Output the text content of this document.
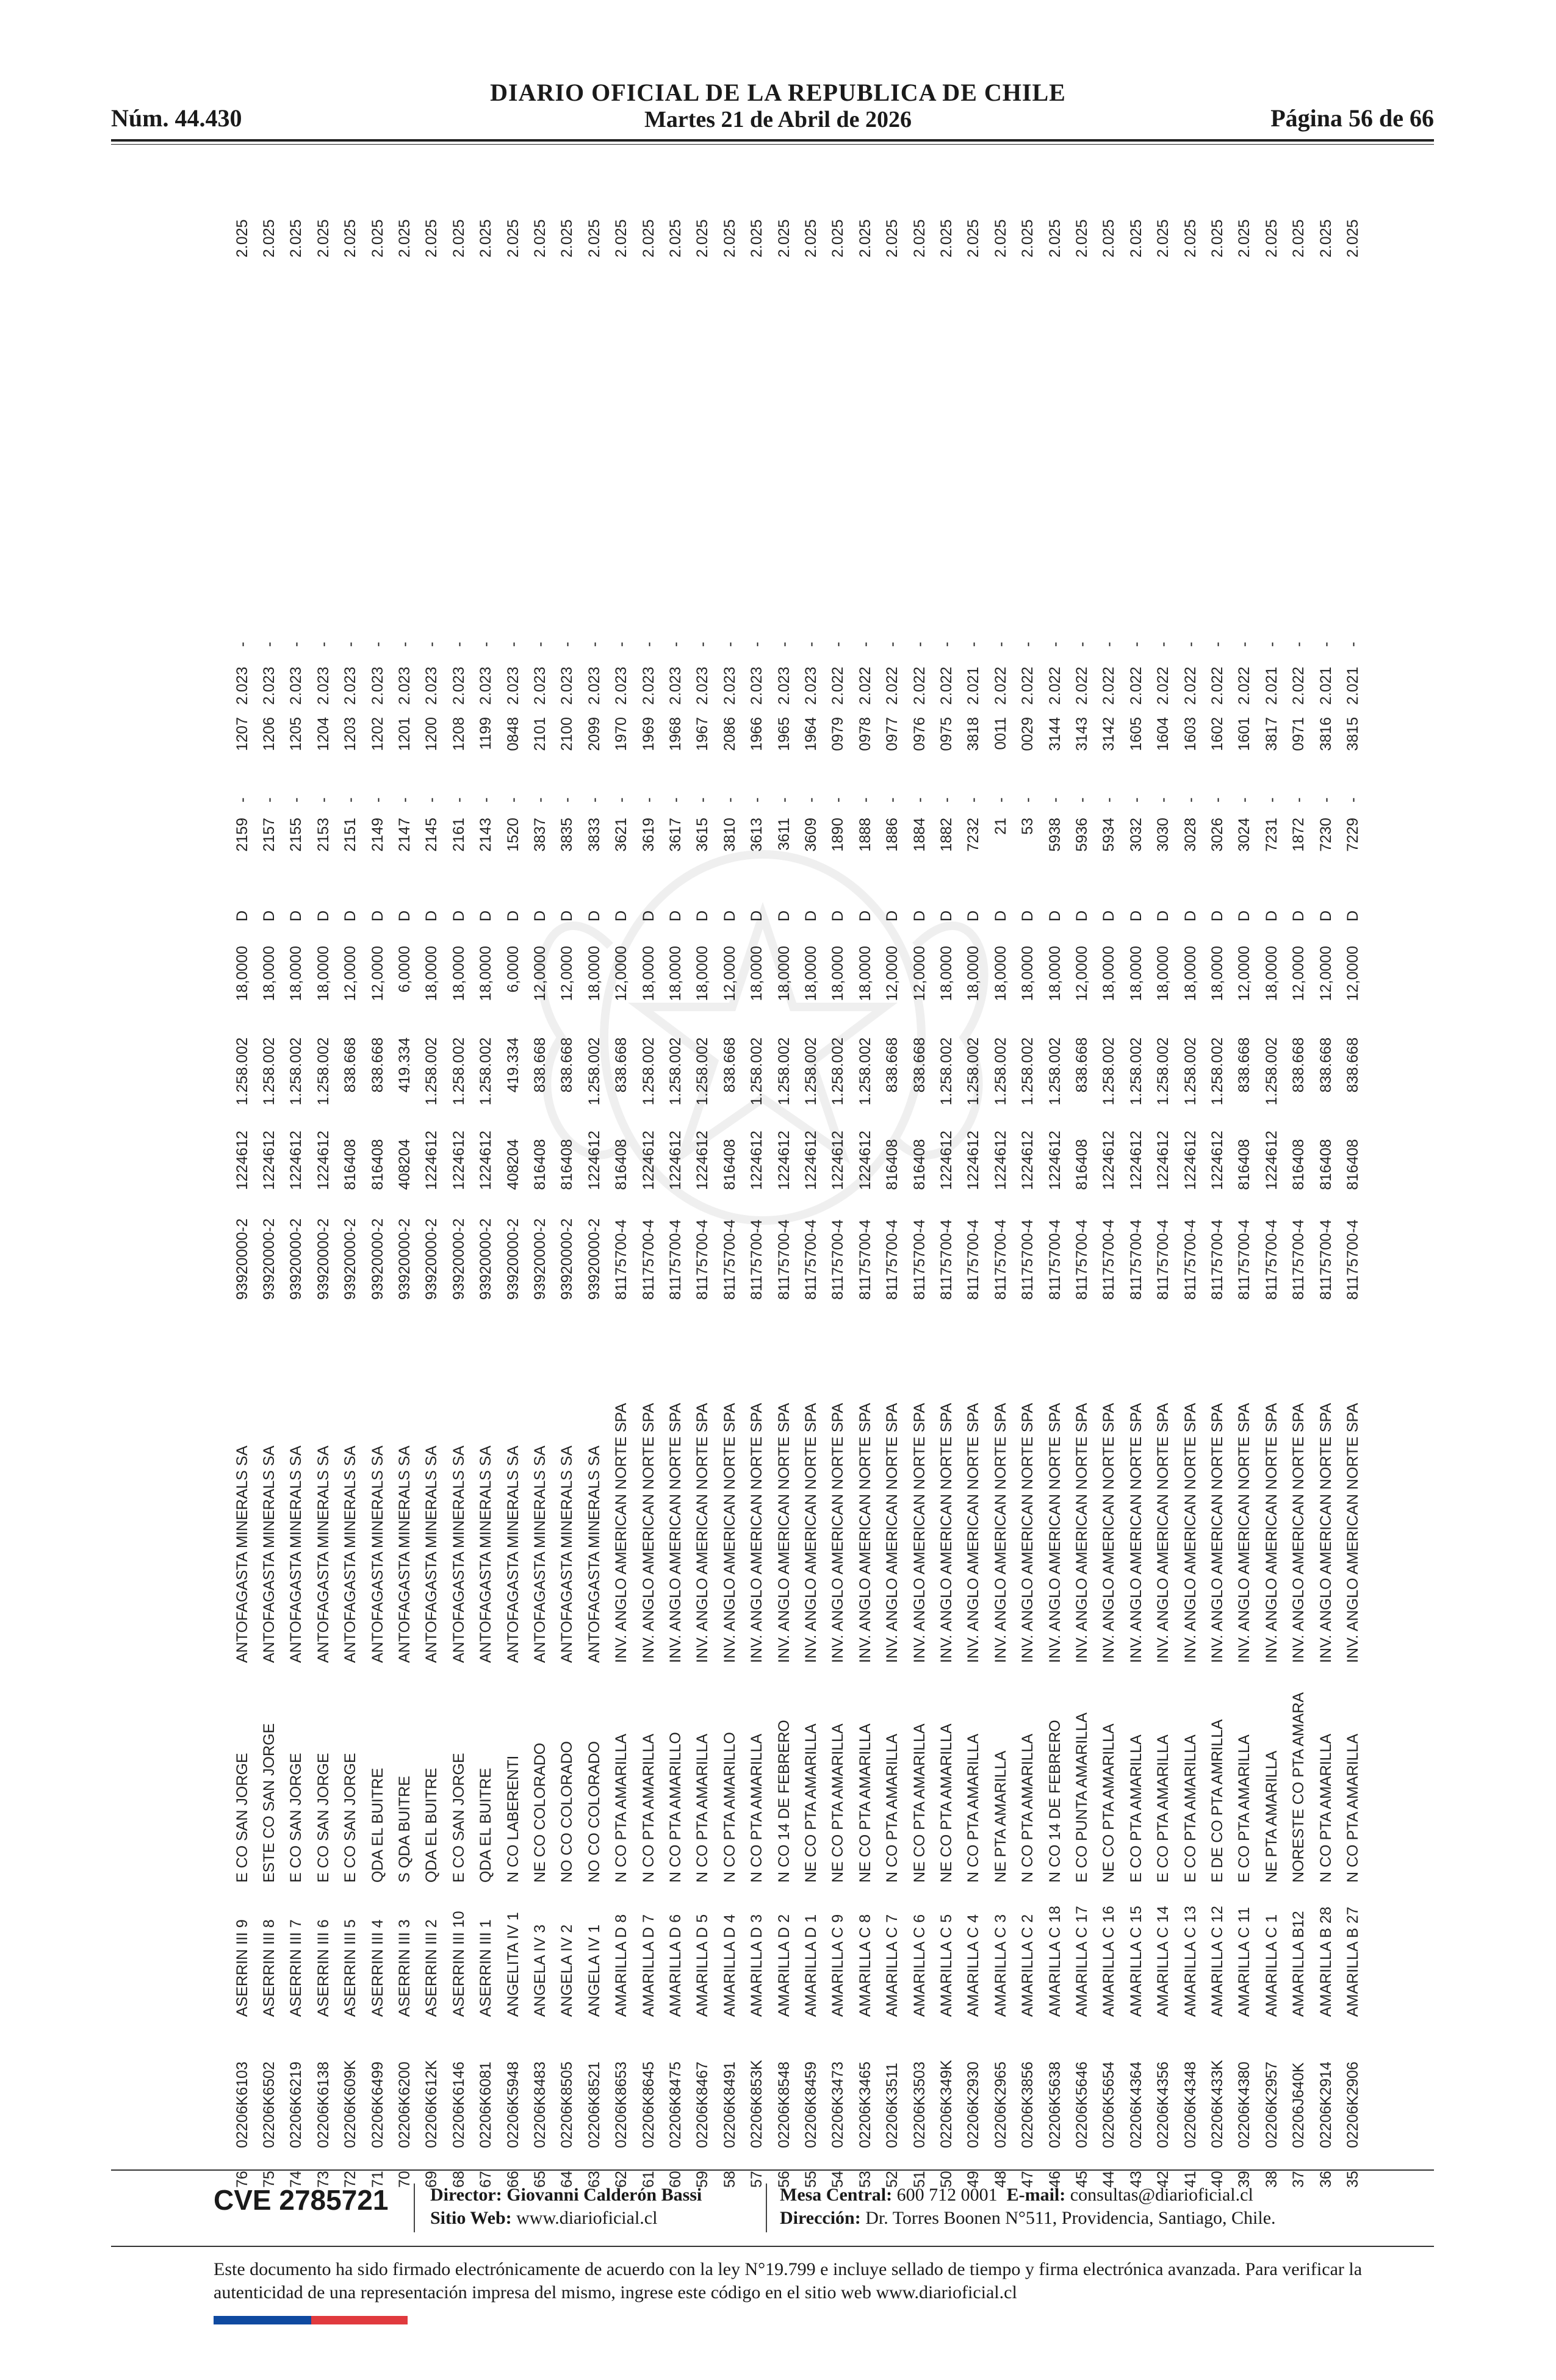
Núm. 44.430
DIARIO OFICIAL DE LA REPUBLICA DE CHILE
Martes 21 de Abril de 2026	Página 56 de 66
35
02206K2906
AMARILLA B 27
N CO PTA AMARILLA
INV. ANGLO AMERICAN NORTE SPA
81175700-4
816408
838.668
12,0000
D
7229
-
3815
2.021
-
2.025
36
02206K2914
AMARILLA B 28
N CO PTA AMARILLA
INV. ANGLO AMERICAN NORTE SPA
81175700-4
816408
838.668
12,0000
D
7230
-
3816
2.021
-
2.025
37
02206J640K
AMARILLA B12
NORESTE CO PTA AMARA
INV. ANGLO AMERICAN NORTE SPA
81175700-4
816408
838.668
12,0000
D
1872
-
0971
2.022
-
2.025
38
02206K2957
AMARILLA C 1
NE PTA AMARILLA
INV. ANGLO AMERICAN NORTE SPA
81175700-4
1224612
1.258.002
18,0000
D
7231
-
3817
2.021
-
2.025
39
02206K4380
AMARILLA C 11
E CO PTA AMARILLA
INV. ANGLO AMERICAN NORTE SPA
81175700-4
816408
838.668
12,0000
D
3024
-
1601
2.022
-
2.025
40
02206K433K
AMARILLA C 12
E DE CO PTA AMRILLA
INV. ANGLO AMERICAN NORTE SPA
81175700-4
1224612
1.258.002
18,0000
D
3026
-
1602
2.022
-
2.025
41
02206K4348
AMARILLA C 13
E CO PTA AMARILLA
INV. ANGLO AMERICAN NORTE SPA
81175700-4
1224612
1.258.002
18,0000
D
3028
-
1603
2.022
-
2.025
42
02206K4356
AMARILLA C 14
E CO PTA AMARILLA
INV. ANGLO AMERICAN NORTE SPA
81175700-4
1224612
1.258.002
18,0000
D
3030
-
1604
2.022
-
2.025
43
02206K4364
AMARILLA C 15
E CO PTA AMARILLA
INV. ANGLO AMERICAN NORTE SPA
81175700-4
1224612
1.258.002
18,0000
D
3032
-
1605
2.022
-
2.025
44
02206K5654
AMARILLA C 16
NE CO PTA AMARILLA
INV. ANGLO AMERICAN NORTE SPA
81175700-4
1224612
1.258.002
18,0000
D
5934
-
3142
2.022
-
2.025
45
02206K5646
AMARILLA C 17
E CO PUNTA AMARILLA
INV. ANGLO AMERICAN NORTE SPA
81175700-4
816408
838.668
12,0000
D
5936
-
3143
2.022
-
2.025
46
02206K5638
AMARILLA C 18
N CO 14 DE FEBRERO
INV. ANGLO AMERICAN NORTE SPA
81175700-4
1224612
1.258.002
18,0000
D
5938
-
3144
2.022
-
2.025
47
02206K3856
AMARILLA C 2
N CO PTA AMARILLA
INV. ANGLO AMERICAN NORTE SPA
81175700-4
1224612
1.258.002
18,0000
D
53
-
0029
2.022
-
2.025
48
02206K2965
AMARILLA C 3
NE PTA AMARILLA
INV. ANGLO AMERICAN NORTE SPA
81175700-4
1224612
1.258.002
18,0000
D
21
-
0011
2.022
-
2.025
49
02206K2930
AMARILLA C 4
N CO PTA AMARILLA
INV. ANGLO AMERICAN NORTE SPA
81175700-4
1224612
1.258.002
18,0000
D
7232
-
3818
2.021
-
2.025
50
02206K349K
AMARILLA C 5
NE CO PTA AMARILLA
INV. ANGLO AMERICAN NORTE SPA
81175700-4
1224612
1.258.002
18,0000
D
1882
-
0975
2.022
-
2.025
51
02206K3503
AMARILLA C 6
NE CO PTA AMARILLA
INV. ANGLO AMERICAN NORTE SPA
81175700-4
816408
838.668
12,0000
D
1884
-
0976
2.022
-
2.025
52
02206K3511
AMARILLA C 7
N CO PTA AMARILLA
INV. ANGLO AMERICAN NORTE SPA
81175700-4
816408
838.668
12,0000
D
1886
-
0977
2.022
-
2.025
53
02206K3465
AMARILLA C 8
NE CO PTA AMARILLA
INV. ANGLO AMERICAN NORTE SPA
81175700-4
1224612
1.258.002
18,0000
D
1888
-
0978
2.022
-
2.025
54
02206K3473
AMARILLA C 9
NE CO PTA AMARILLA
INV. ANGLO AMERICAN NORTE SPA
81175700-4
1224612
1.258.002
18,0000
D
1890
-
0979
2.022
-
2.025
55
02206K8459
AMARILLA D 1
NE CO PTA AMARILLA
INV. ANGLO AMERICAN NORTE SPA
81175700-4
1224612
1.258.002
18,0000
D
3609
-
1964
2.023
-
2.025
56
02206K8548
AMARILLA D 2
N CO 14 DE FEBRERO
INV. ANGLO AMERICAN NORTE SPA
81175700-4
1224612
1.258.002
18,0000
D
3611
-
1965
2.023
-
2.025
57
02206K853K
AMARILLA D 3
N CO PTA AMARILLA
INV. ANGLO AMERICAN NORTE SPA
81175700-4
1224612
1.258.002
18,0000
D
3613
-
1966
2.023
-
2.025
58
02206K8491
AMARILLA D 4
N CO PTA AMARILLO
INV. ANGLO AMERICAN NORTE SPA
81175700-4
816408
838.668
12,0000
D
3810
-
2086
2.023
-
2.025
59
02206K8467
AMARILLA D 5
N CO PTA AMARILLA
INV. ANGLO AMERICAN NORTE SPA
81175700-4
1224612
1.258.002
18,0000
D
3615
-
1967
2.023
-
2.025
60
02206K8475
AMARILLA D 6
N CO PTA AMARILLO
INV. ANGLO AMERICAN NORTE SPA
81175700-4
1224612
1.258.002
18,0000
D
3617
-
1968
2.023
-
2.025
61
02206K8645
AMARILLA D 7
N CO PTA AMARILLA
INV. ANGLO AMERICAN NORTE SPA
81175700-4
1224612
1.258.002
18,0000
D
3619
-
1969
2.023
-
2.025
62
02206K8653
AMARILLA D 8
N CO PTA AMARILLA
INV. ANGLO AMERICAN NORTE SPA
81175700-4
816408
838.668
12,0000
D
3621
-
1970
2.023
-
2.025
63
02206K8521
ANGELA IV 1
NO CO COLORADO
ANTOFAGASTA MINERALS SA
93920000-2
1224612
1.258.002
18,0000
D
3833
-
2099
2.023
-
2.025
64
02206K8505
ANGELA IV 2
NO CO COLORADO
ANTOFAGASTA MINERALS SA
93920000-2
816408
838.668
12,0000
D
3835
-
2100
2.023
-
2.025
65
02206K8483
ANGELA IV 3
NE CO COLORADO
ANTOFAGASTA MINERALS SA
93920000-2
816408
838.668
12,0000
D
3837
-
2101
2.023
-
2.025
66
02206K5948
ANGELITA IV 1
N CO LABERENTI
ANTOFAGASTA MINERALS SA
93920000-2
408204
419.334
6,0000
D
1520
-
0848
2.023
-
2.025
67
02206K6081
ASERRIN III 1
QDA EL BUITRE
ANTOFAGASTA MINERALS SA
93920000-2
1224612
1.258.002
18,0000
D
2143
-
1199
2.023
-
2.025
68
02206K6146
ASERRIN III 10
E CO SAN JORGE
ANTOFAGASTA MINERALS SA
93920000-2
1224612
1.258.002
18,0000
D
2161
-
1208
2.023
-
2.025
69
02206K612K
ASERRIN III 2
QDA EL BUITRE
ANTOFAGASTA MINERALS SA
93920000-2
1224612
1.258.002
18,0000
D
2145
-
1200
2.023
-
2.025
70
02206K6200
ASERRIN III 3
S QDA BUITRE
ANTOFAGASTA MINERALS SA
93920000-2
408204
419.334
6,0000
D
2147
-
1201
2.023
-
2.025
71
02206K6499
ASERRIN III 4
QDA EL BUITRE
ANTOFAGASTA MINERALS SA
93920000-2
816408
838.668
12,0000
D
2149
-
1202
2.023
-
2.025
72
02206K609K
ASERRIN III 5
E CO SAN JORGE
ANTOFAGASTA MINERALS SA
93920000-2
816408
838.668
12,0000
D
2151
-
1203
2.023
-
2.025
73
02206K6138
ASERRIN III 6
E CO SAN JORGE
ANTOFAGASTA MINERALS SA
93920000-2
1224612
1.258.002
18,0000
D
2153
-
1204
2.023
-
2.025
74
02206K6219
ASERRIN III 7
E CO SAN JORGE
ANTOFAGASTA MINERALS SA
93920000-2
1224612
1.258.002
18,0000
D
2155
-
1205
2.023
-
2.025
75
02206K6502
ASERRIN III 8
ESTE CO SAN JORGE
ANTOFAGASTA MINERALS SA
93920000-2
1224612
1.258.002
18,0000
D
2157
-
1206
2.023
-
2.025
76
02206K6103
ASERRIN III 9
E CO SAN JORGE
ANTOFAGASTA MINERALS SA
93920000-2
1224612
1.258.002
18,0000
D
2159
-
1207
2.023
-
2.025
CVE 2785721 Director: Giovanni Calderón Bassi
Sitio Web: www.diarioficial.cl
Mesa Central: 600 712 0001 E-mail: consultas@diarioficial.cl
Dirección: Dr. Torres Boonen N°511, Providencia, Santiago, Chile.
Este documento ha sido firmado electrónicamente de acuerdo con la ley N°19.799 e incluye sellado de tiempo y firma electrónica avanzada. Para verificar la autenticidad de una representación impresa del mismo, ingrese este código en el sitio web www.diarioficial.cl
